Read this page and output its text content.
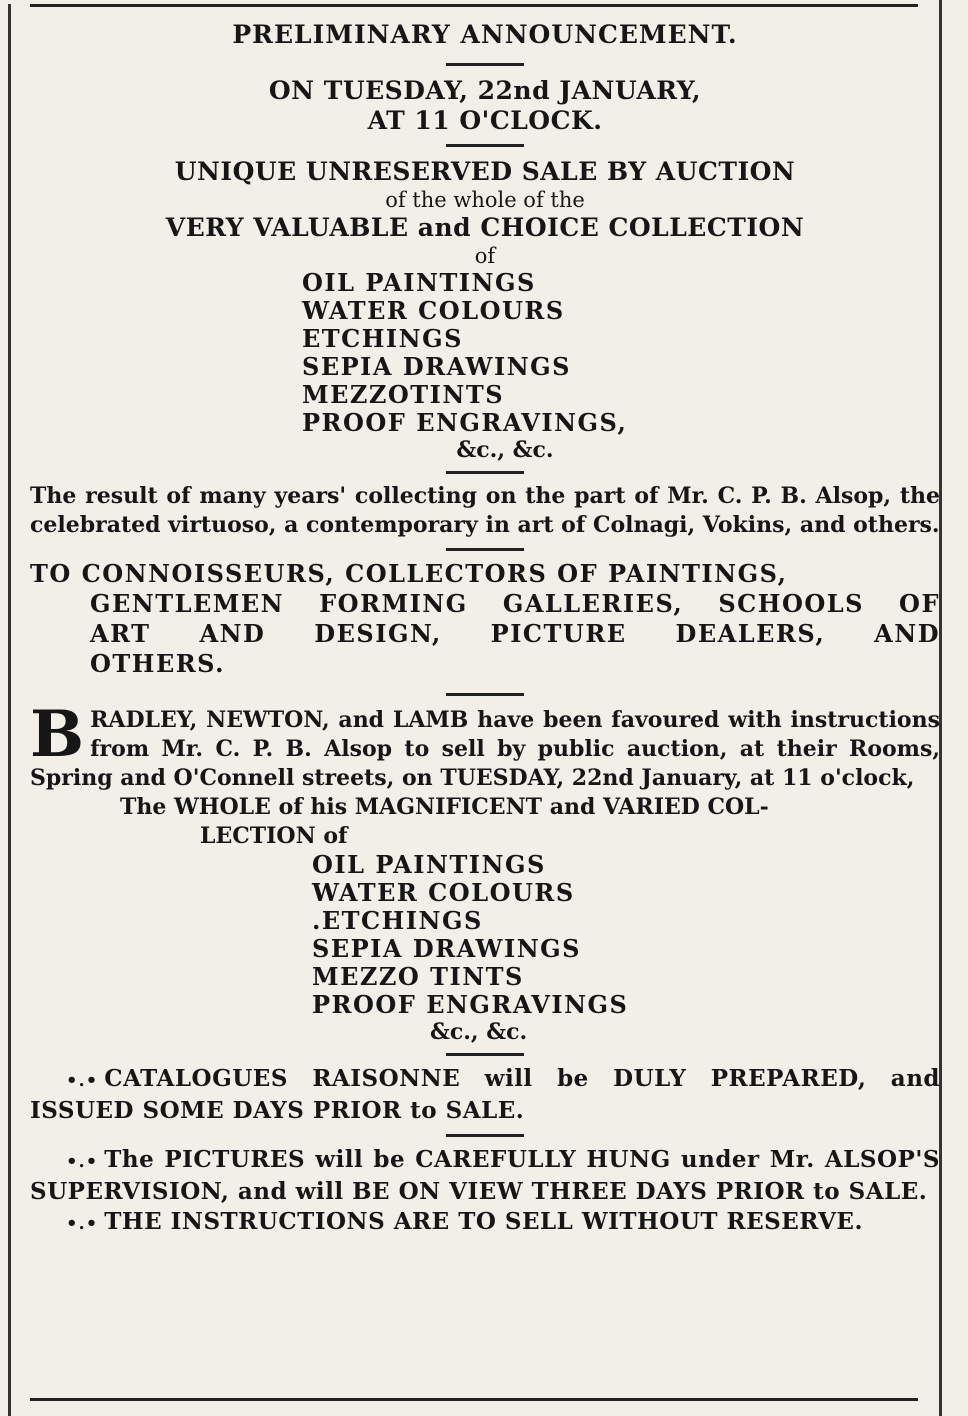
PRELIMINARY ANNOUNCEMENT.
ON TUESDAY, 22nd JANUARY,
AT 11 O'CLOCK.
UNIQUE UNRESERVED SALE BY AUCTION
of the whole of the
VERY VALUABLE and CHOICE COLLECTION
of
OIL PAINTINGS
WATER COLOURS
ETCHINGS
SEPIA DRAWINGS
MEZZOTINTS
PROOF ENGRAVINGS,
&c., &c.
The result of many years' collecting on the part of Mr. C. P. B. Alsop, the celebrated virtuoso, a contemporary in art of Colnagi, Vokins, and others.
TO CONNOISSEURS, COLLECTORS OF PAINTINGS,
GENTLEMEN FORMING GALLERIES, SCHOOLS OF
ART AND DESIGN, PICTURE DEALERS, AND
OTHERS.
B RADLEY, NEWTON, and LAMB have been favoured with instructions from Mr. C. P. B. Alsop to sell by public auction, at their Rooms, Spring and O'Connell streets, on TUESDAY, 22nd January, at 11 o'clock,
The WHOLE of his MAGNIFICENT and VARIED COL-
LECTION of
OIL PAINTINGS
WATER COLOURS
.ETCHINGS
SEPIA DRAWINGS
MEZZO TINTS
PROOF ENGRAVINGS
&c., &c.
•.• CATALOGUES RAISONNE will be DULY PREPARED, and ISSUED SOME DAYS PRIOR to SALE.
•.• The PICTURES will be CAREFULLY HUNG under Mr. ALSOP'S SUPERVISION, and will BE ON VIEW THREE DAYS PRIOR to SALE.
•.• THE INSTRUCTIONS ARE TO SELL WITHOUT RESERVE.
